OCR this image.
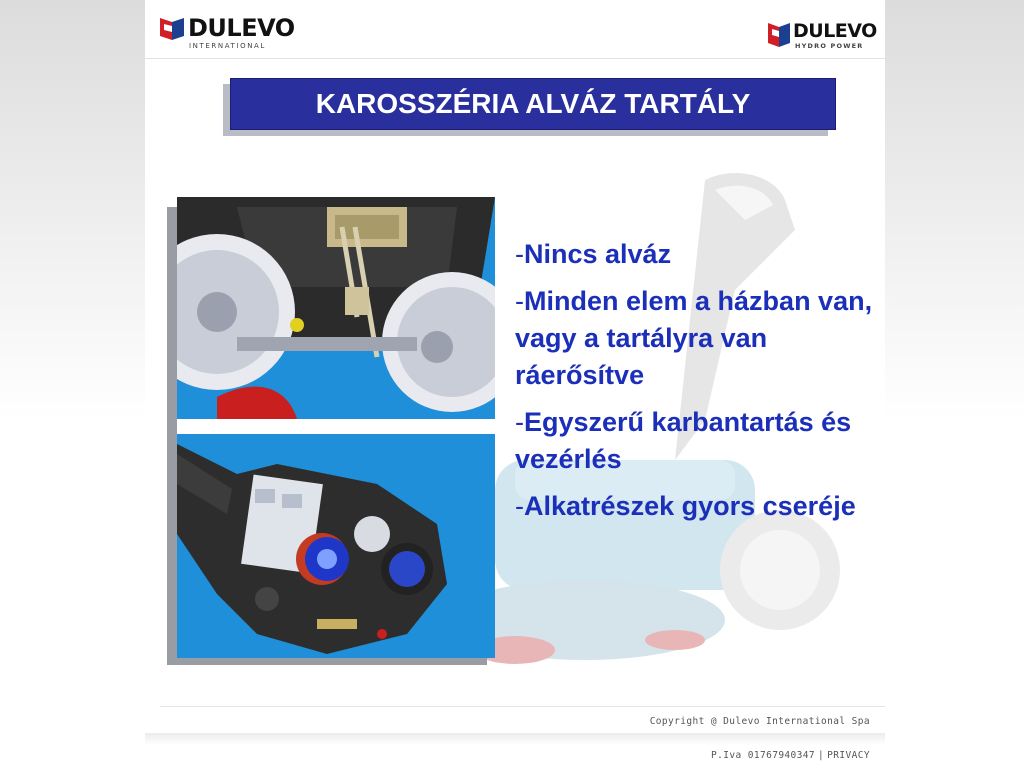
DULEVO
INTERNATIONAL
DULEVO
HYDRO POWER
KAROSSZÉRIA ALVÁZ TARTÁLY
-Nincs alváz
-Minden elem a házban van, vagy a tartályra van ráerősítve
-Egyszerű karbantartás és vezérlés
-Alkatrészek gyors cseréje
Copyright @ Dulevo International Spa
P.Iva 01767940347 | PRIVACY
